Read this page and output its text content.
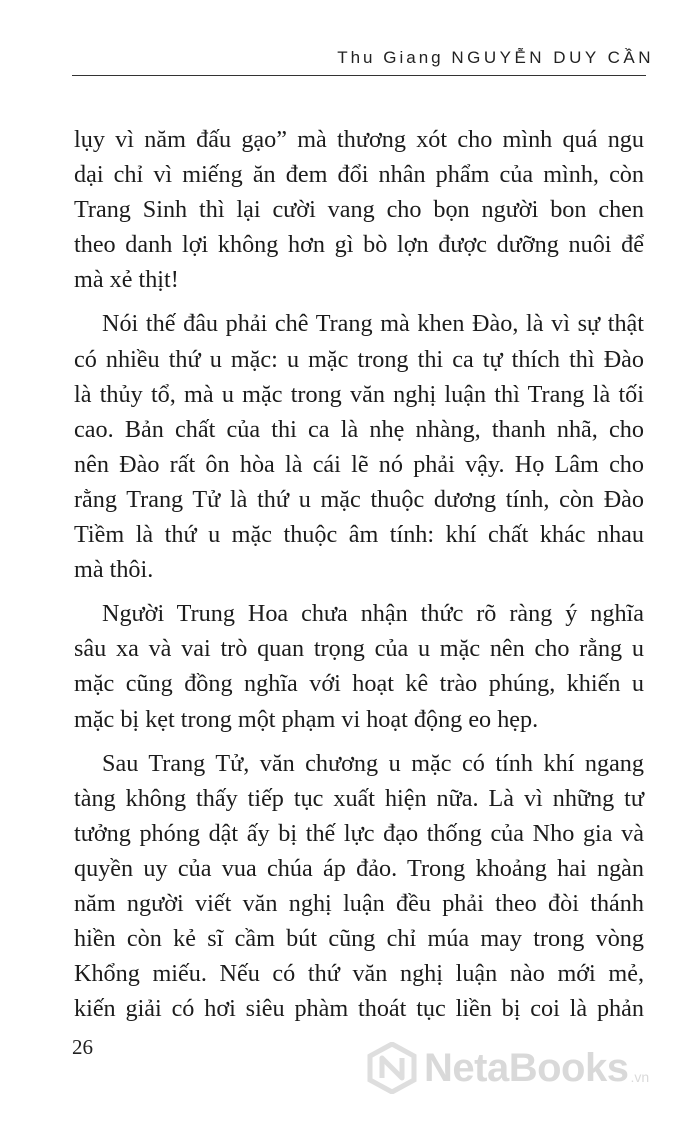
Thu Giang NGUYỄN DUY CẦN

lụy vì năm đấu gạo” mà thương xót cho mình quá ngu
dại chỉ vì miếng ăn đem đổi nhân phẩm của mình, còn
Trang Sinh thì lại cười vang cho bọn người bon chen
theo danh lợi không hơn gì bò lợn được dưỡng nuôi để
mà xẻ thịt!

Nói thế đâu phải chê Trang mà khen Đào, là vì sự thật
có nhiều thứ u mặc: u mặc trong thi ca tự thích thì Đào
là thủy tổ, mà u mặc trong văn nghị luận thì Trang là tối
cao. Bản chất của thi ca là nhẹ nhàng, thanh nhã, cho
nên Đào rất ôn hòa là cái lẽ nó phải vậy. Họ Lâm cho
rằng Trang Tử là thứ u mặc thuộc dương tính, còn Đào
Tiềm là thứ u mặc thuộc âm tính: khí chất khác nhau
mà thôi.

Người Trung Hoa chưa nhận thức rõ ràng ý nghĩa
sâu xa và vai trò quan trọng của u mặc nên cho rằng u
mặc cũng đồng nghĩa với hoạt kê trào phúng, khiến u
mặc bị kẹt trong một phạm vi hoạt động eo hẹp.

Sau Trang Tử, văn chương u mặc có tính khí ngang
tàng không thấy tiếp tục xuất hiện nữa. Là vì những tư
tưởng phóng dật ấy bị thế lực đạo thống của Nho gia và
quyền uy của vua chúa áp đảo. Trong khoảng hai ngàn
năm người viết văn nghị luận đều phải theo đòi thánh
hiền còn kẻ sĩ cầm bút cũng chỉ múa may trong vòng
Khổng miếu. Nếu có thứ văn nghị luận nào mới mẻ,
kiến giải có hơi siêu phàm thoát tục liền bị coi là phản

26	NetaBooks .vn
